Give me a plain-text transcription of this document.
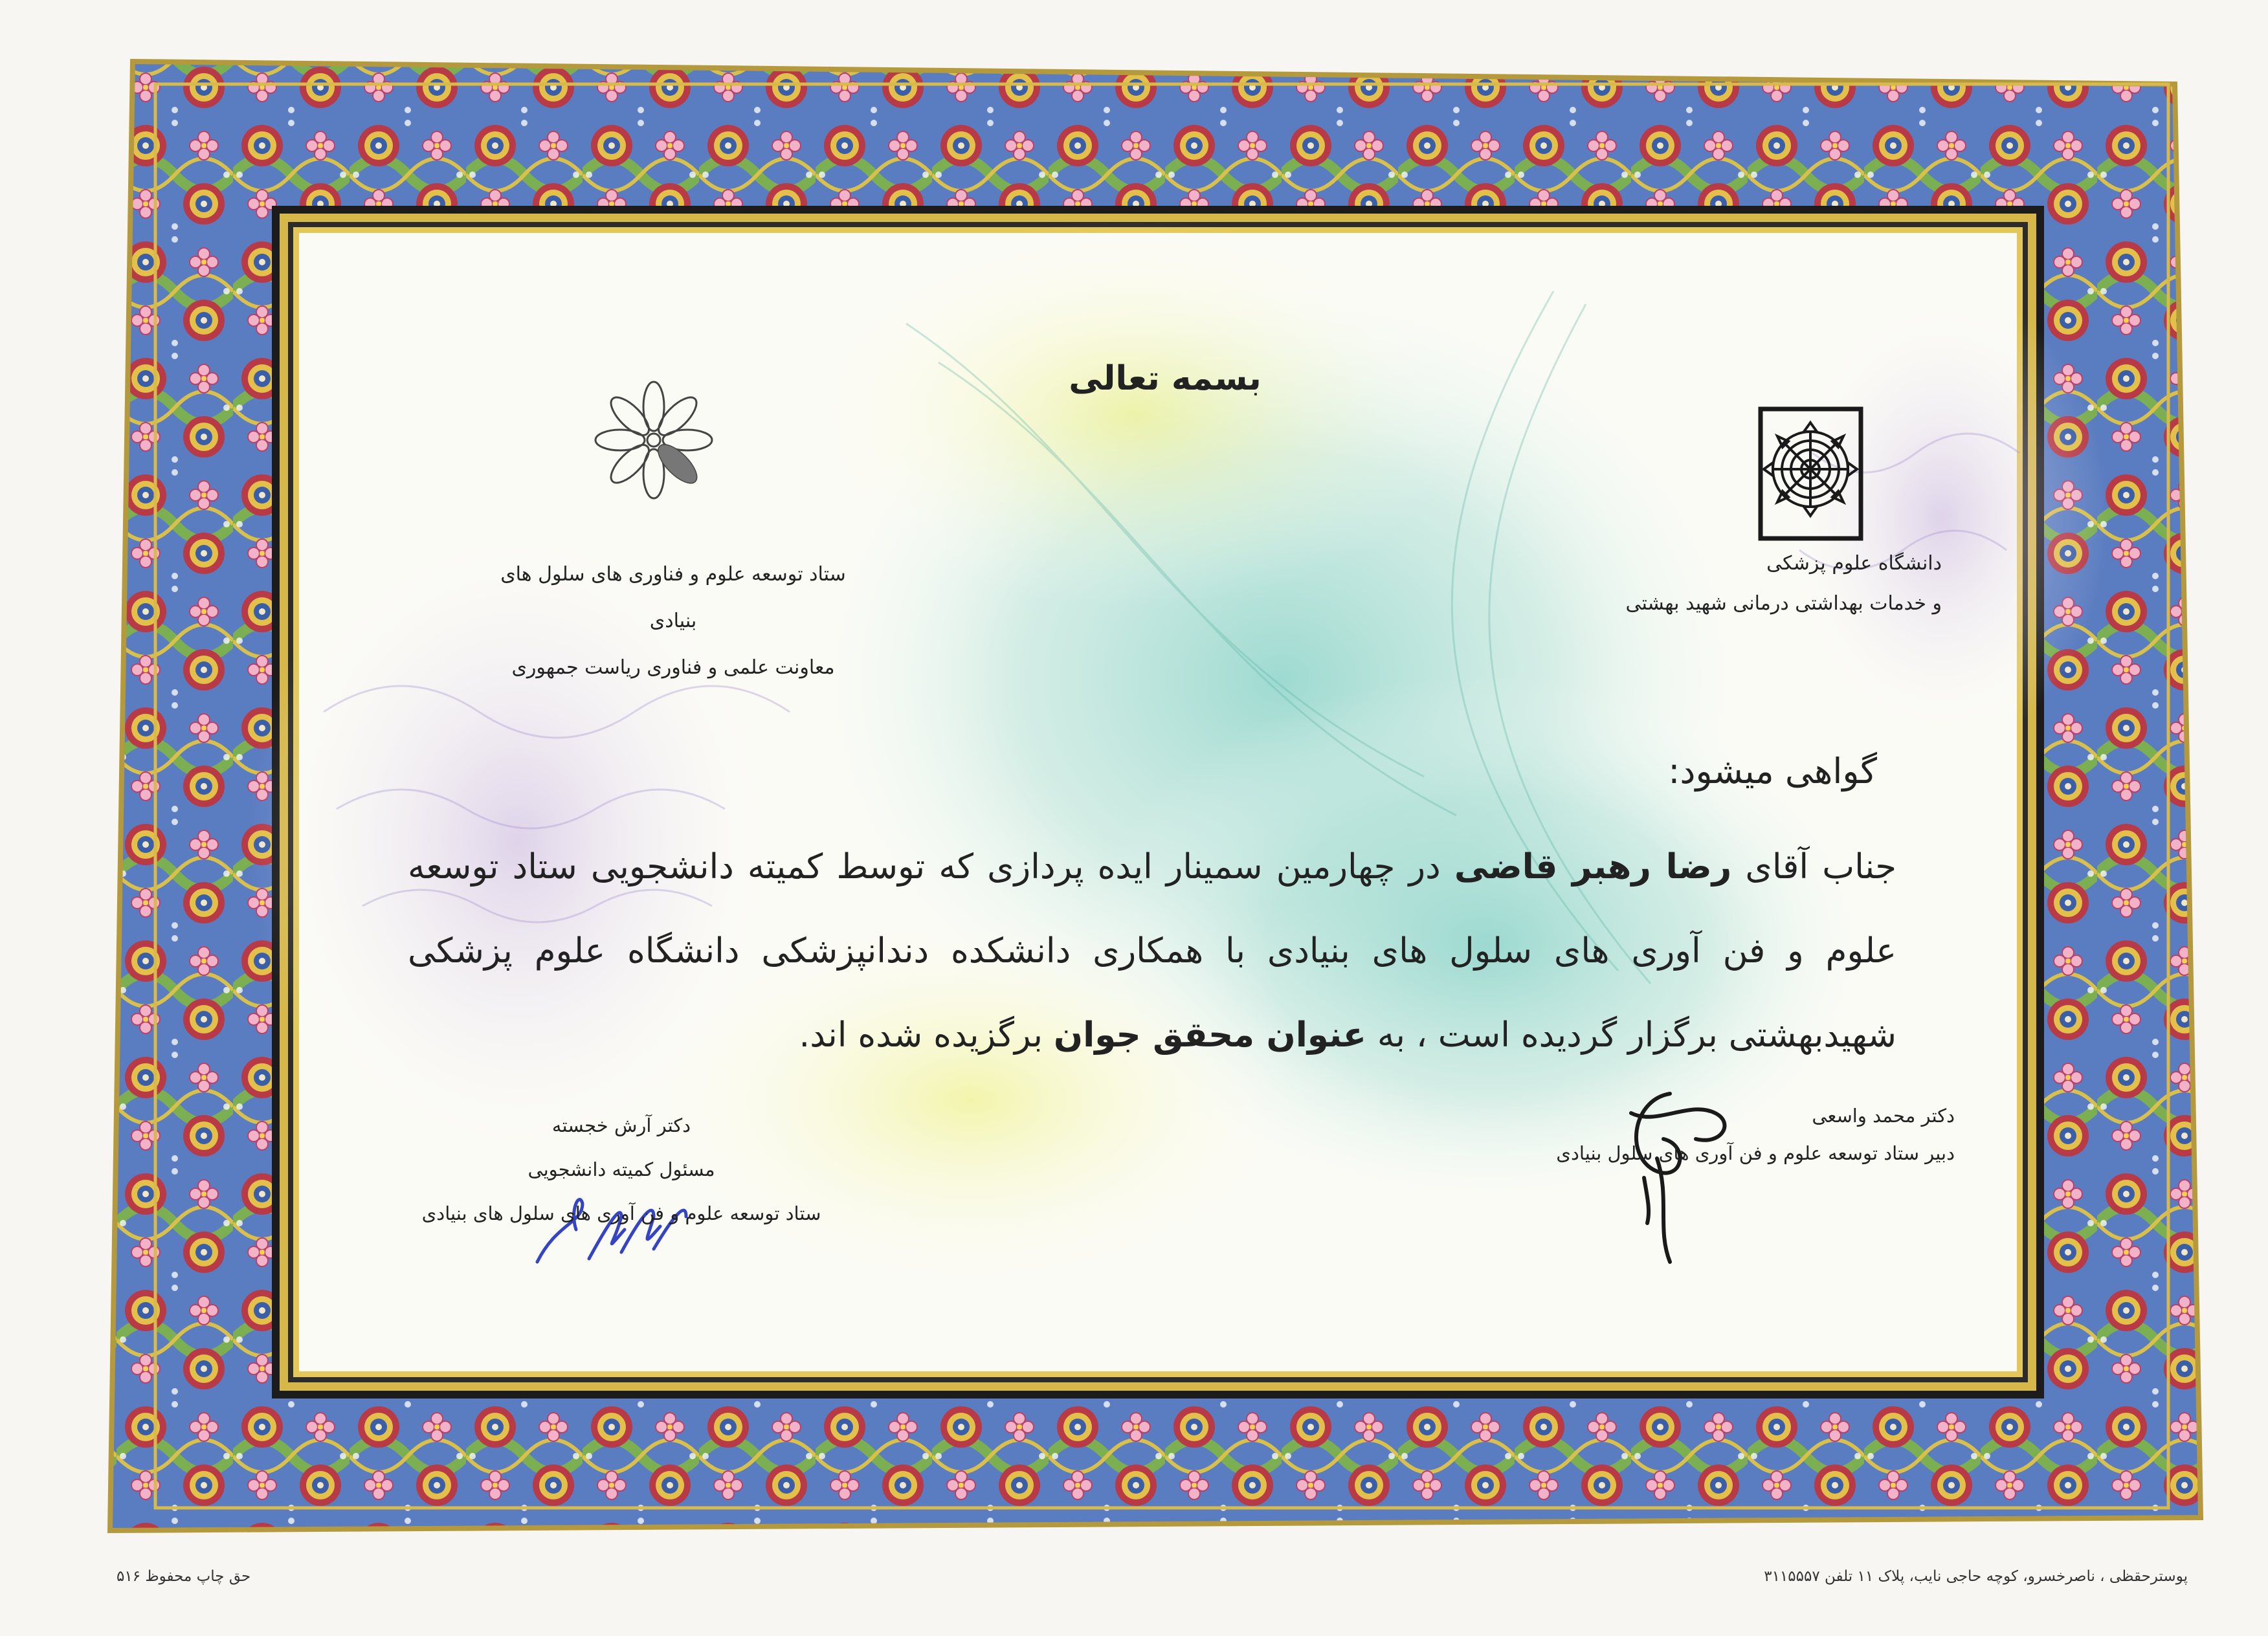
بسمه تعالی
دانشگاه علوم پزشکی
و خدمات بهداشتی درمانی شهید بهشتی
ستاد توسعه علوم و فناوری های سلول های بنیادی
معاونت علمی و فناوری ریاست جمهوری
گواهی میشود:
جناب آقای رضا رهبر قاضی در چهارمین سمینار ایده پردازی که توسط کمیته دانشجویی ستاد توسعه علوم و فن آوری های سلول های بنیادی با همکاری دانشکده دندانپزشکی دانشگاه علوم پزشکی شهیدبهشتی برگزار گردیده است ، به عنوان محقق جوان برگزیده شده اند.
دکتر محمد واسعی
دبیر ستاد توسعه علوم و فن آوری های سلول بنیادی
دکتر آرش خجسته
مسئول کمیته دانشجویی
ستاد توسعه علوم و فن آوری های سلول های بنیادی
حق چاپ محفوظ ۵۱۶	پوسترحقظی ، ناصرخسرو، کوچه حاجی نایب، پلاک ۱۱ تلفن ۳۱۱۵۵۵۷
